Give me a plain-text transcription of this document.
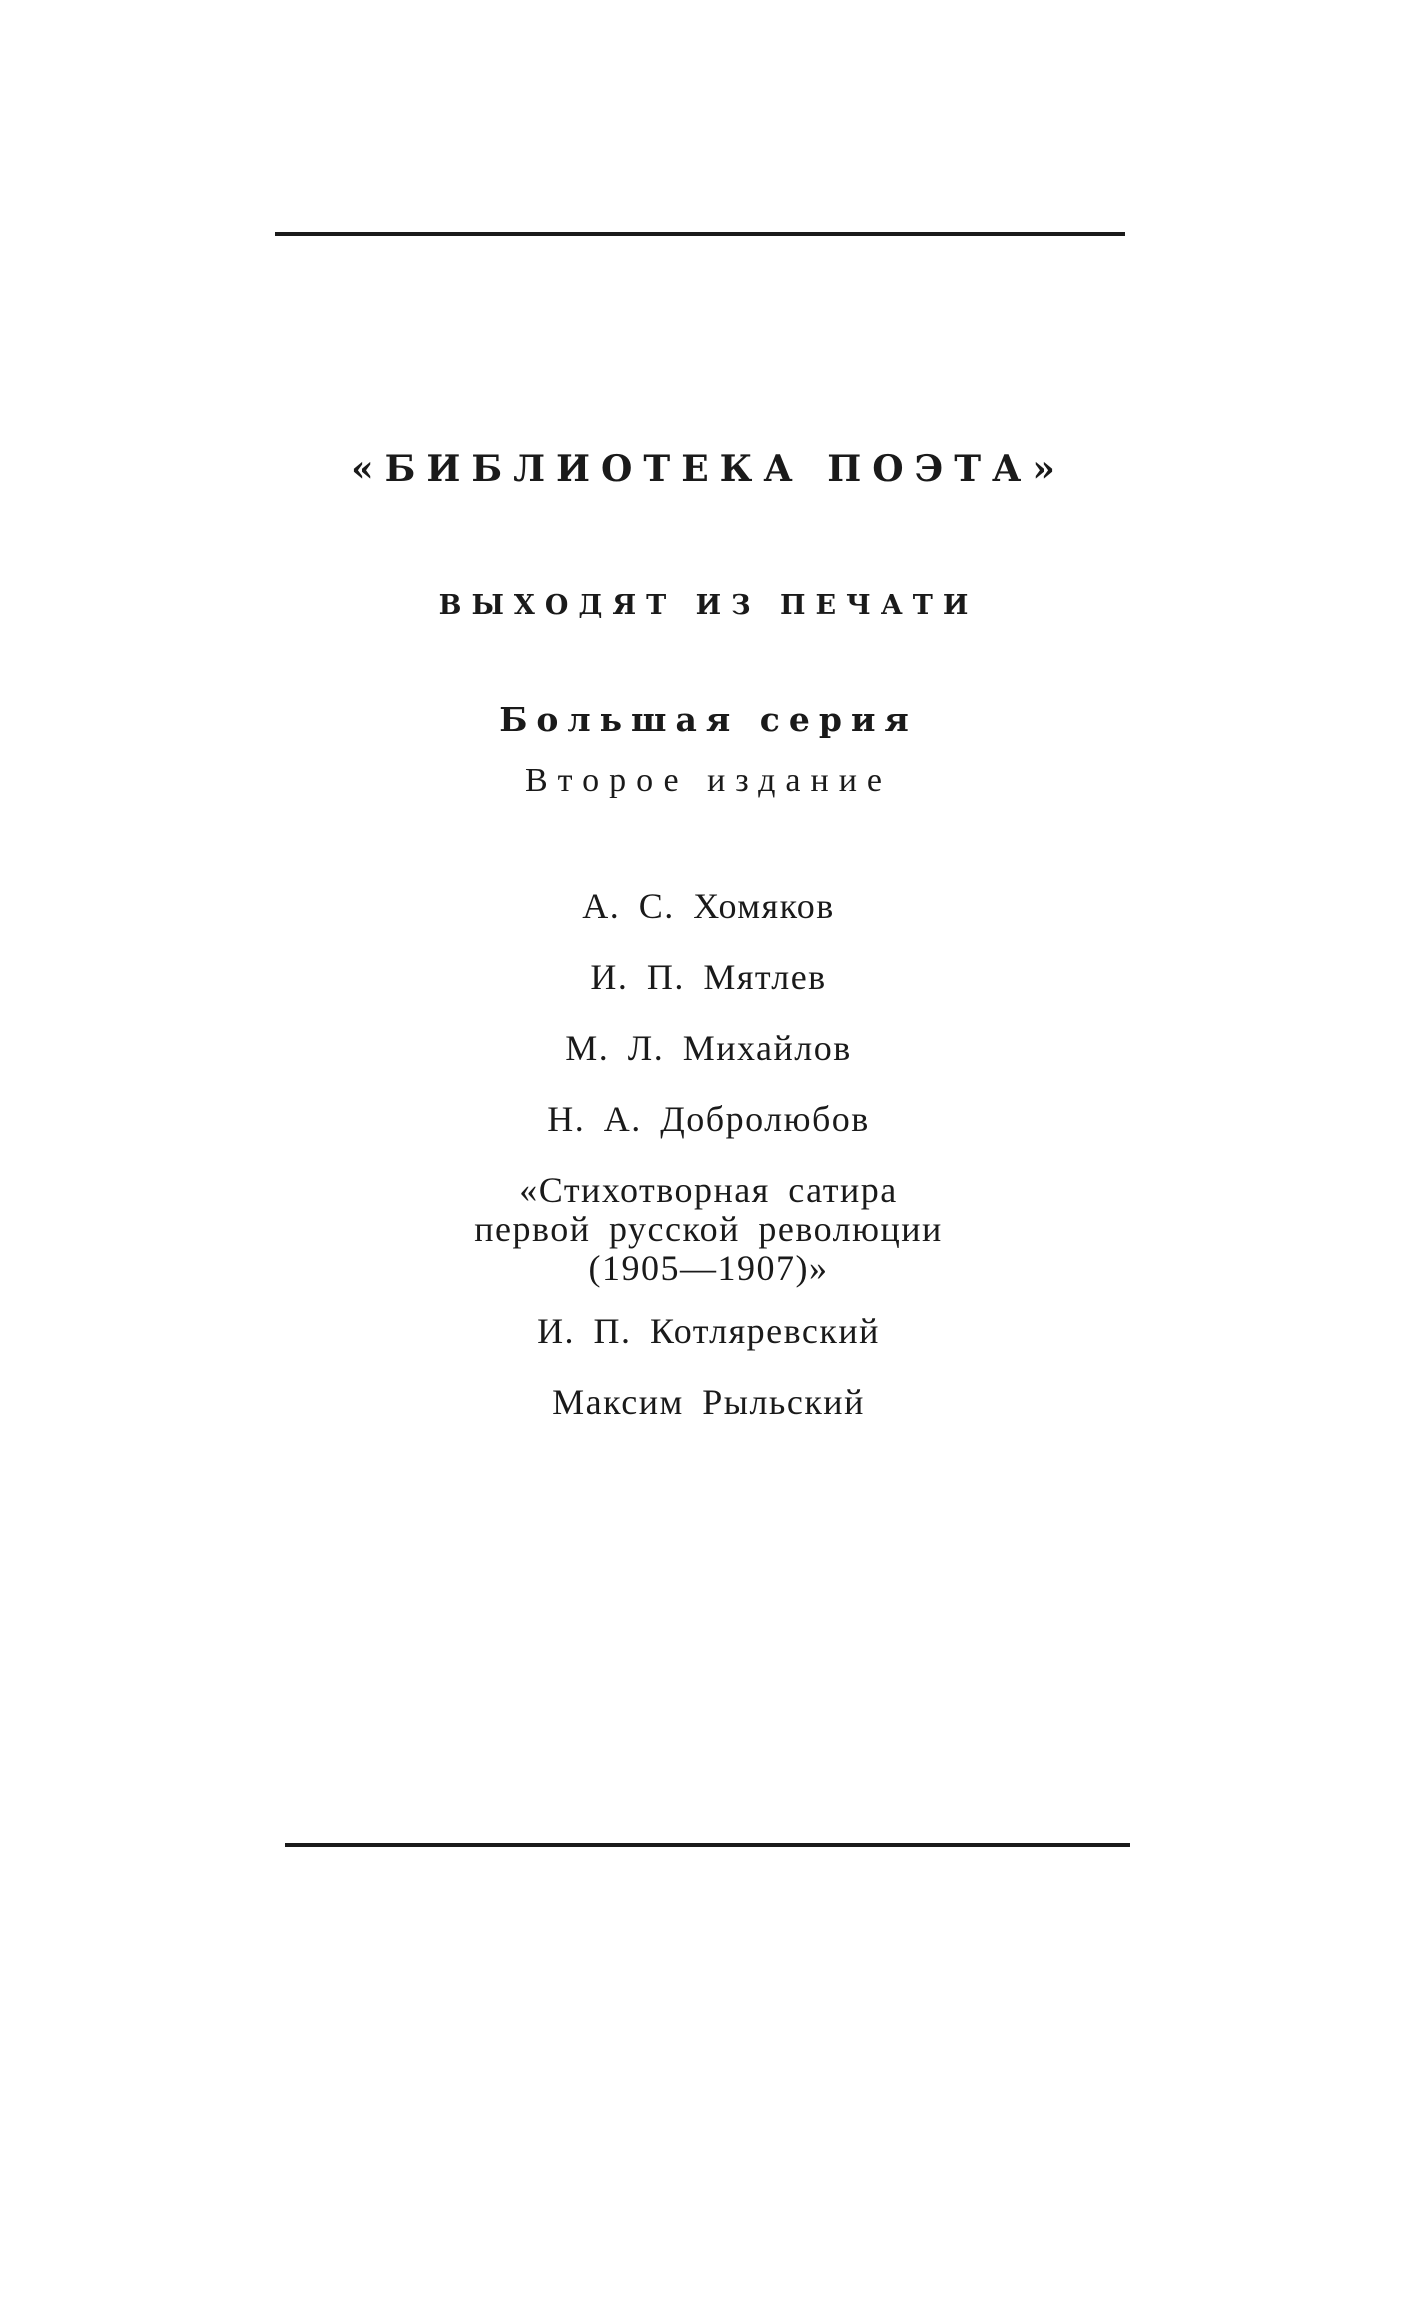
«БИБЛИОТЕКА ПОЭТА»
ВЫХОДЯТ ИЗ ПЕЧАТИ
Большая серия
Второе издание
А. С. Хомяков
И. П. Мятлев
М. Л. Михайлов
Н. А. Добролюбов
«Стихотворная сатира
первой русской революции
(1905—1907)»
И. П. Котляревский
Максим Рыльский
